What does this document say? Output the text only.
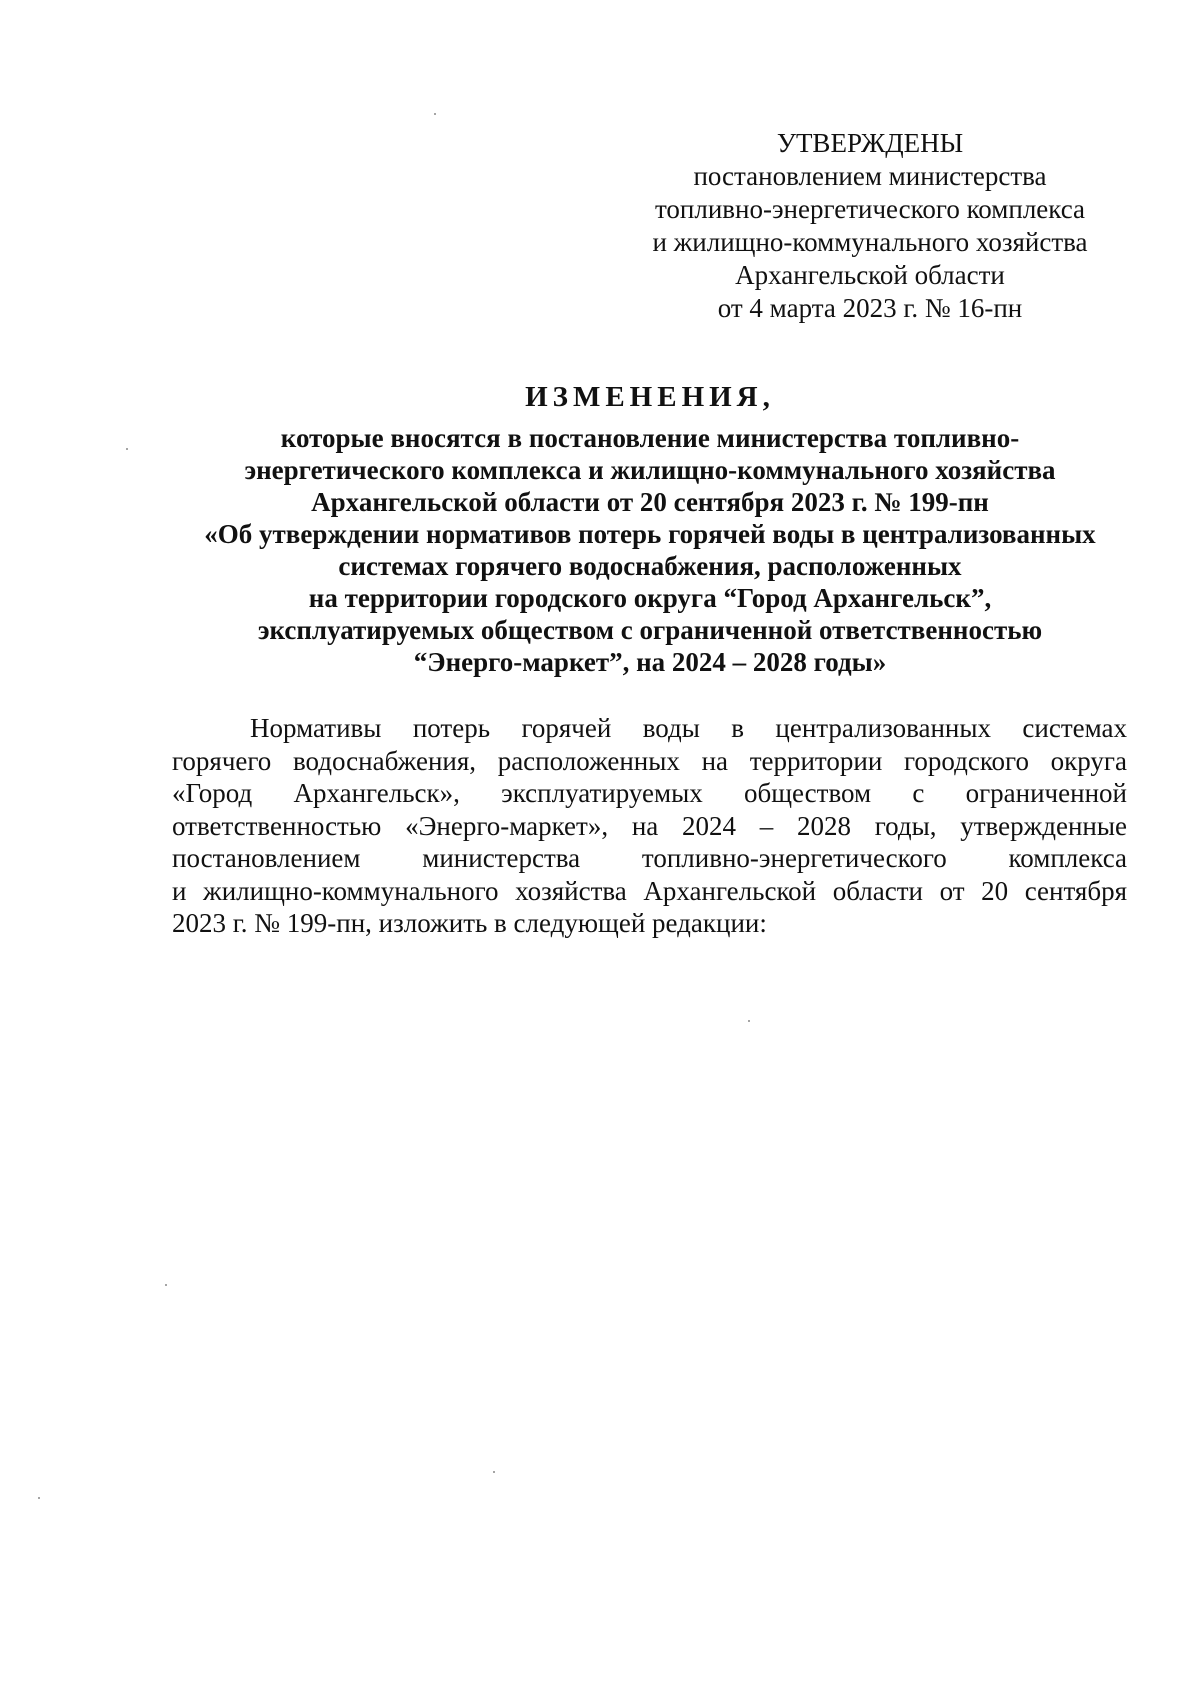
УТВЕРЖДЕНЫ
постановлением министерства
топливно-энергетического комплекса
и жилищно-коммунального хозяйства
Архангельской области
от 4 марта 2023 г. № 16-пн
ИЗМЕНЕНИЯ,
которые вносятся в постановление министерства топливно-
энергетического комплекса и жилищно-коммунального хозяйства
Архангельской области от 20 сентября 2023 г. № 199-пн
«Об утверждении нормативов потерь горячей воды в централизованных
системах горячего водоснабжения, расположенных
на территории городского округа “Город Архангельск”,
эксплуатируемых обществом с ограниченной ответственностью
“Энерго-маркет”, на 2024 – 2028 годы»
Нормативы потерь горячей воды в централизованных системах
горячего водоснабжения, расположенных на территории городского округа
«Город Архангельск», эксплуатируемых обществом с ограниченной
ответственностью «Энерго-маркет», на 2024 – 2028 годы, утвержденные
постановлением министерства топливно-энергетического комплекса
и жилищно-коммунального хозяйства Архангельской области от 20 сентября
2023 г. № 199-пн, изложить в следующей редакции:
